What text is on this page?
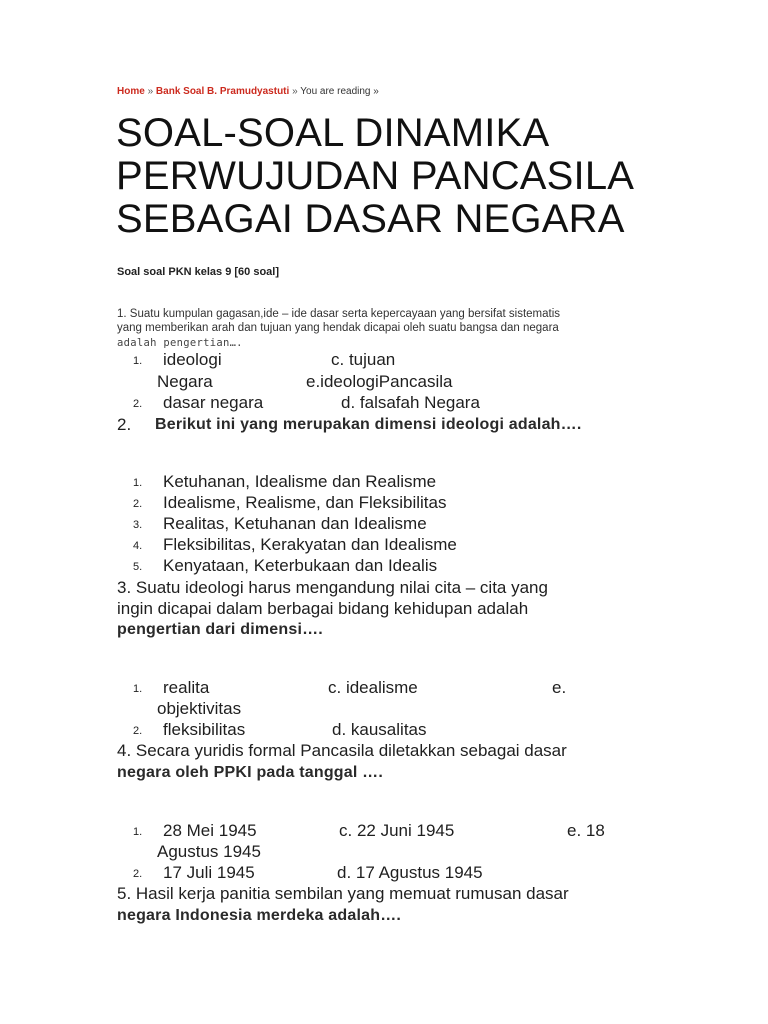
Home » Bank Soal B. Pramudyastuti » You are reading »
SOAL-SOAL DINAMIKA
PERWUJUDAN PANCASILA
SEBAGAI DASAR NEGARA
Soal soal PKN kelas 9 [60 soal]
1. Suatu kumpulan gagasan,ide – ide dasar serta kepercayaan yang bersifat sistematis
yang memberikan arah dan tujuan yang hendak dicapai oleh suatu bangsa dan negara
adalah pengertian….
1. ideologi	c. tujuan
Negara	e.ideologiPancasila
2. dasar negara	d. falsafah Negara
2. Berikut ini yang merupakan dimensi ideologi adalah….
1. Ketuhanan, Idealisme dan Realisme
2. Idealisme, Realisme, dan Fleksibilitas
3. Realitas, Ketuhanan dan Idealisme
4. Fleksibilitas, Kerakyatan dan Idealisme
5. Kenyataan, Keterbukaan dan Idealis
3. Suatu ideologi harus mengandung nilai cita – cita yang
ingin dicapai dalam berbagai bidang kehidupan adalah
pengertian dari dimensi….
1. realita	c. idealisme	e.
objektivitas
2. fleksibilitas	d. kausalitas
4. Secara yuridis formal Pancasila diletakkan sebagai dasar
negara oleh PPKI pada tanggal ….
1. 28 Mei 1945	c. 22 Juni 1945	e. 18
Agustus 1945
2. 17 Juli 1945	d. 17 Agustus 1945
5. Hasil kerja panitia sembilan yang memuat rumusan dasar
negara Indonesia merdeka adalah….
